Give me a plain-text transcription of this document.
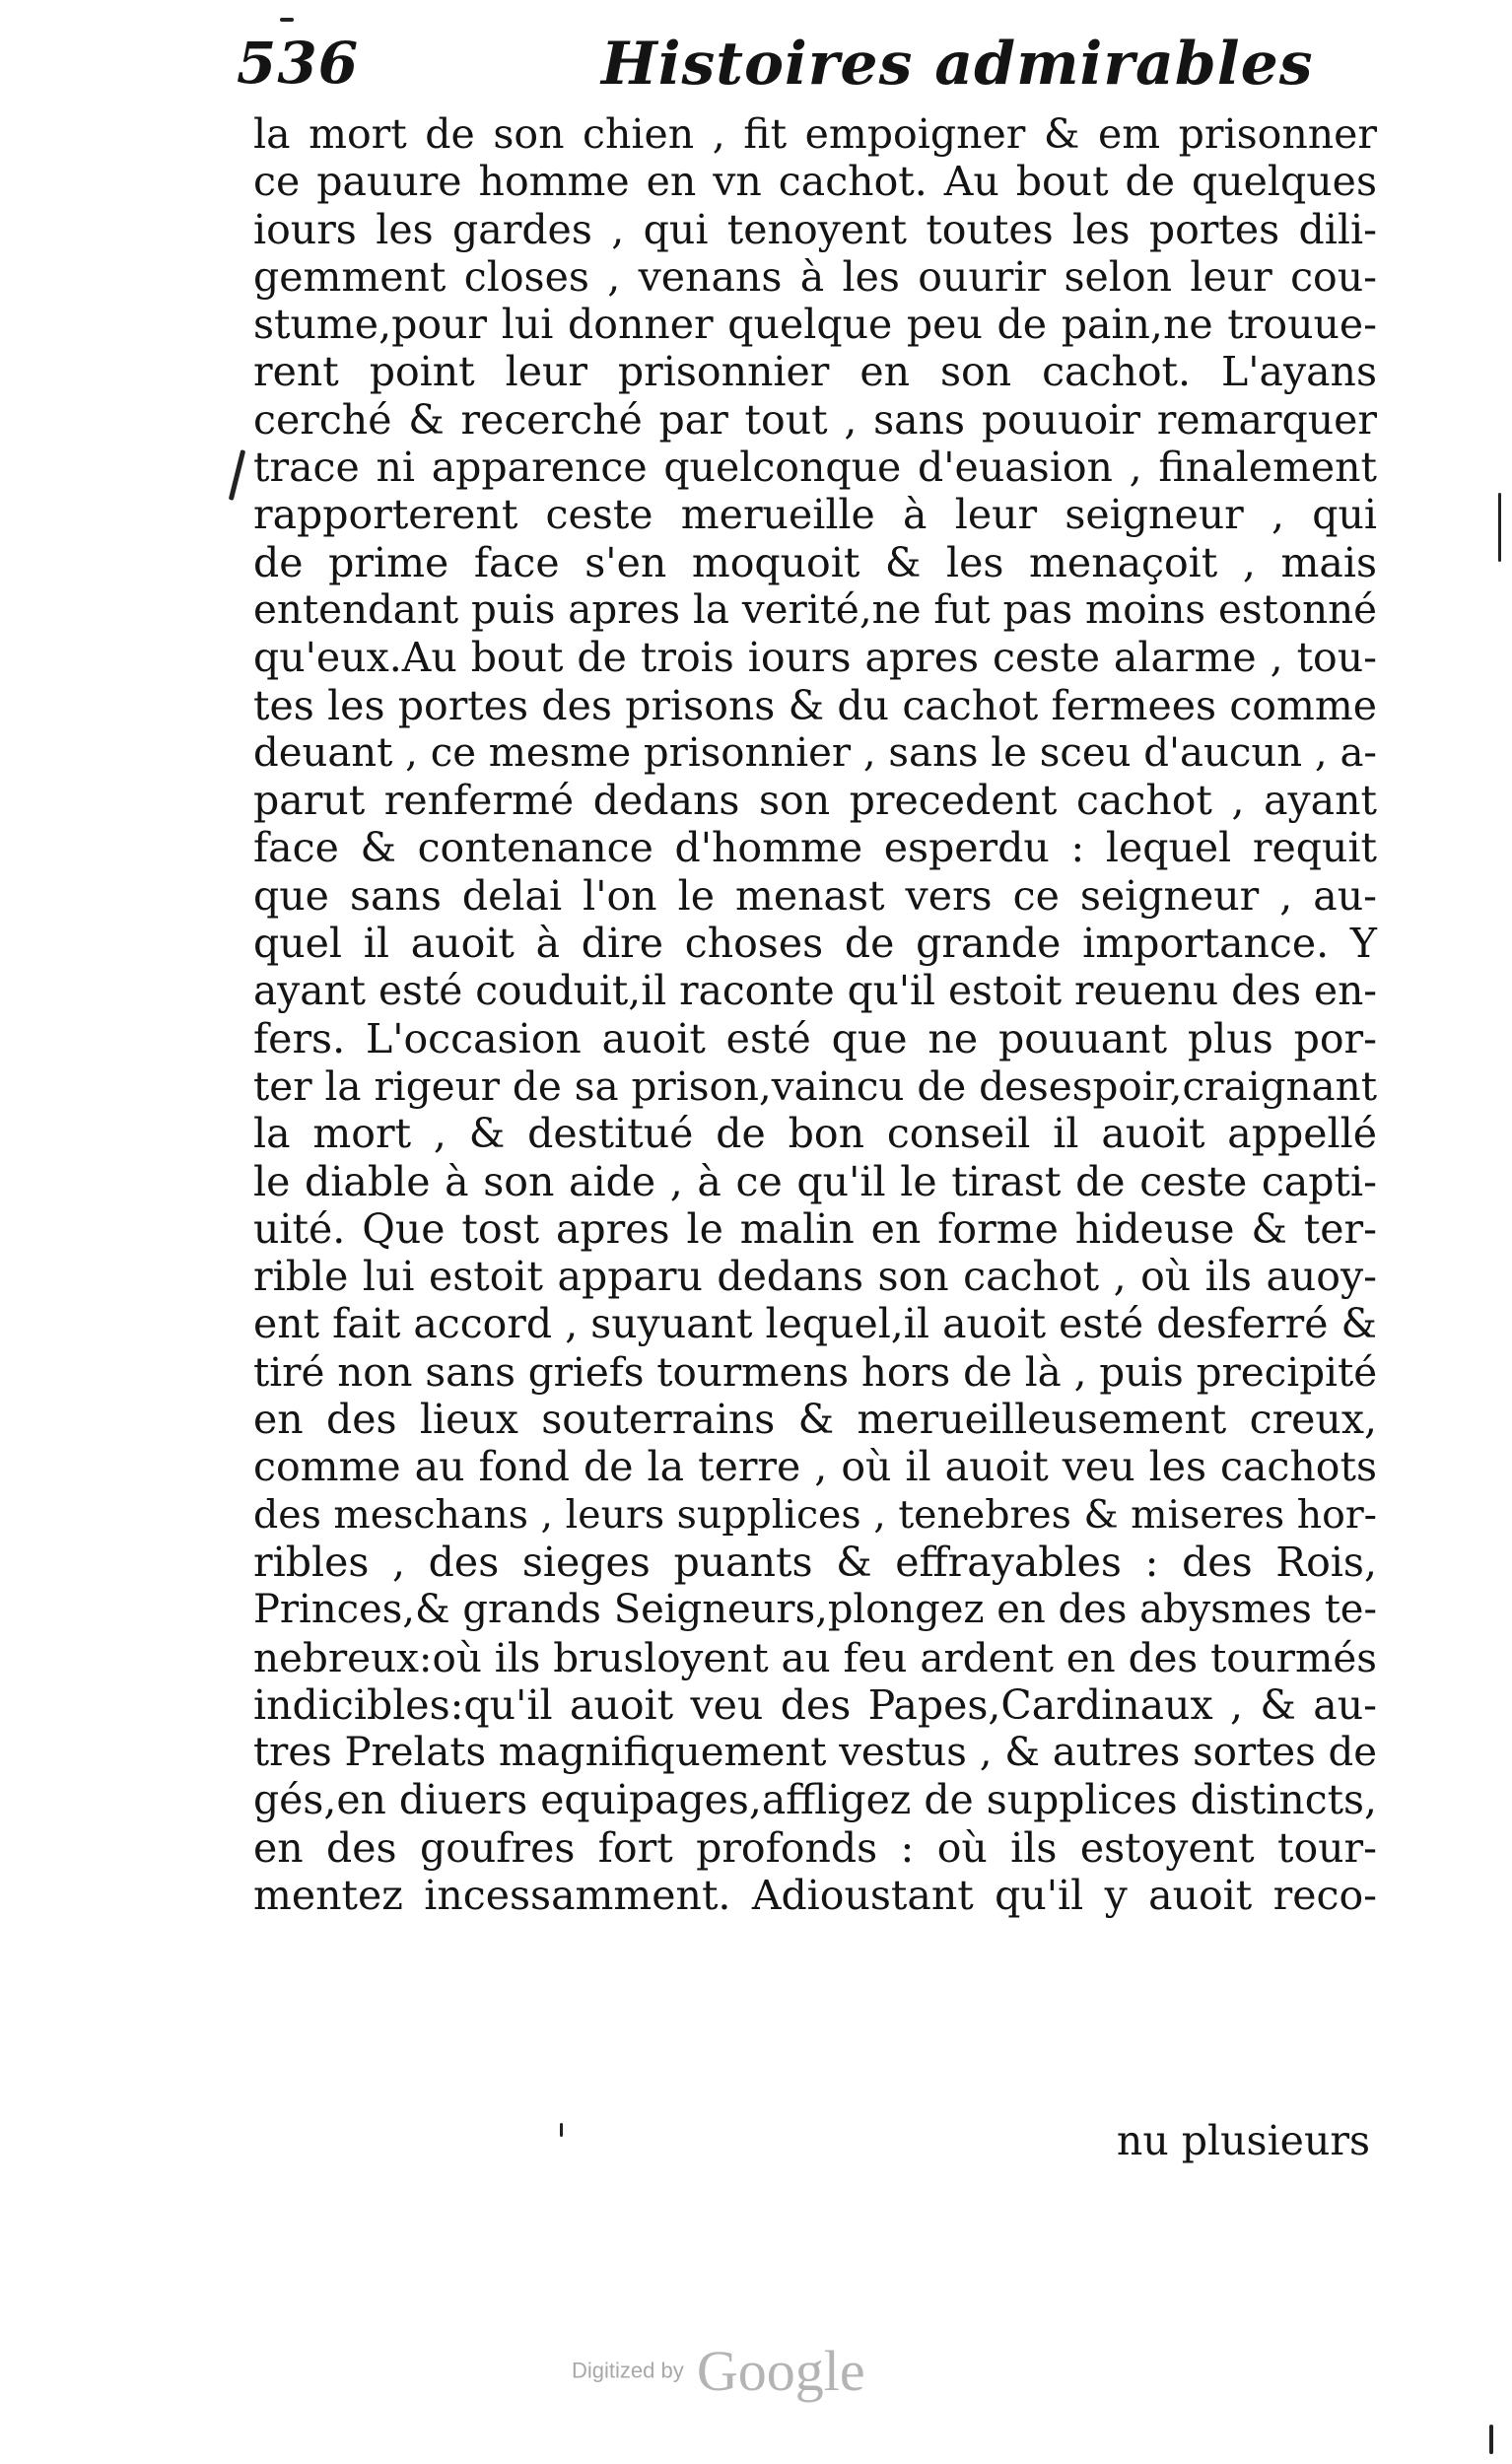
536	Histoires admirables
la mort de son chien , fit empoigner & em prisonner
ce pauure homme en vn cachot. Au bout de quelques
iours les gardes , qui tenoyent toutes les portes dili-
gemment closes , venans à les ouurir selon leur cou-
stume,pour lui donner quelque peu de pain,ne trouue-
rent point leur prisonnier en son cachot. L'ayans
cerché & recerché par tout , sans pouuoir remarquer
trace ni apparence quelconque d'euasion , finalement
rapporterent ceste merueille à leur seigneur , qui
de prime face s'en moquoit & les menaçoit , mais
entendant puis apres la verité,ne fut pas moins estonné
qu'eux.Au bout de trois iours apres ceste alarme , tou-
tes les portes des prisons & du cachot fermees comme
deuant , ce mesme prisonnier , sans le sceu d'aucun , a-
parut renfermé dedans son precedent cachot , ayant
face & contenance d'homme esperdu : lequel requit
que sans delai l'on le menast vers ce seigneur , au-
quel il auoit à dire choses de grande importance. Y
ayant esté couduit,il raconte qu'il estoit reuenu des en-
fers. L'occasion auoit esté que ne pouuant plus por-
ter la rigeur de sa prison,vaincu de desespoir,craignant
la mort , & destitué de bon conseil il auoit appellé
le diable à son aide , à ce qu'il le tirast de ceste capti-
uité. Que tost apres le malin en forme hideuse & ter-
rible lui estoit apparu dedans son cachot , où ils auoy-
ent fait accord , suyuant lequel,il auoit esté desferré &
tiré non sans griefs tourmens hors de là , puis precipité
en des lieux souterrains & merueilleusement creux,
comme au fond de la terre , où il auoit veu les cachots
des meschans , leurs supplices , tenebres & miseres hor-
ribles , des sieges puants & effrayables : des Rois,
Princes,& grands Seigneurs,plongez en des abysmes te-
nebreux:où ils brusloyent au feu ardent en des tourmés
indicibles:qu'il auoit veu des Papes,Cardinaux , & au-
tres Prelats magnifiquement vestus , & autres sortes de
gés,en diuers equipages,affligez de supplices distincts,
en des goufres fort profonds : où ils estoyent tour-
mentez incessamment. Adioustant qu'il y auoit reco-
nu plusieurs
Digitized by Google
